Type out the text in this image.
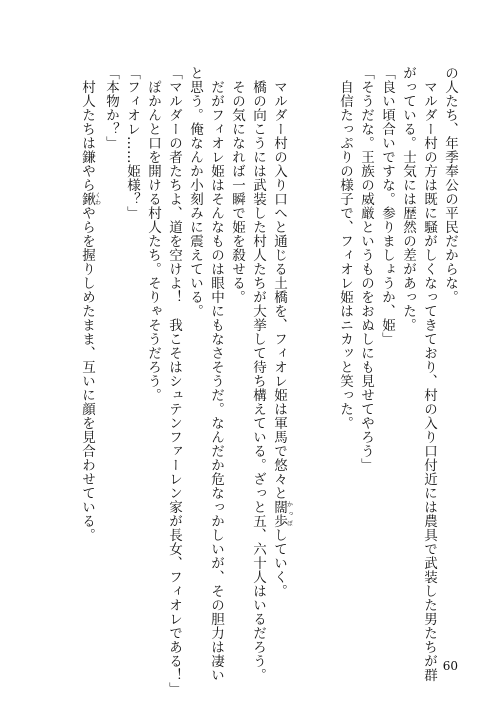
の人たち、年季奉公の平民だからな。
マルダー村の方は既に騒がしくなってきており、村の入り口付近には農具で武装した男たちが群
がっている。士気には歴然の差があった。
「良い頃合いですな。参りましょうか、姫」
「そうだな。王族の威厳というものをおぬしにも見せてやろう」
自信たっぷりの様子で、フィオレ姫はニカッと笑った。
マルダー村の入り口へと通じる土橋を、フィオレ姫は軍馬で悠々と闊歩かっぽしていく。
橋の向こうには武装した村人たちが大挙して待ち構えている。ざっと五、六十人はいるだろう。
その気になれば一瞬で姫を殺せる。
だがフィオレ姫はそんなものは眼中にもなさそうだ。なんだか危なっかしいが、その胆力は凄い
と思う。俺なんか小刻みに震えている。
「マルダーの者たちよ、道を空けよ！　我こそはシュテンファーレン家が長女、フィオレである！」
ぽかんと口を開ける村人たち。そりゃそうだろう。
「フィオレ……姫様？」
「本物か？」
村人たちは鎌やら鍬くわやらを握りしめたまま、互いに顔を見合わせている。
60
